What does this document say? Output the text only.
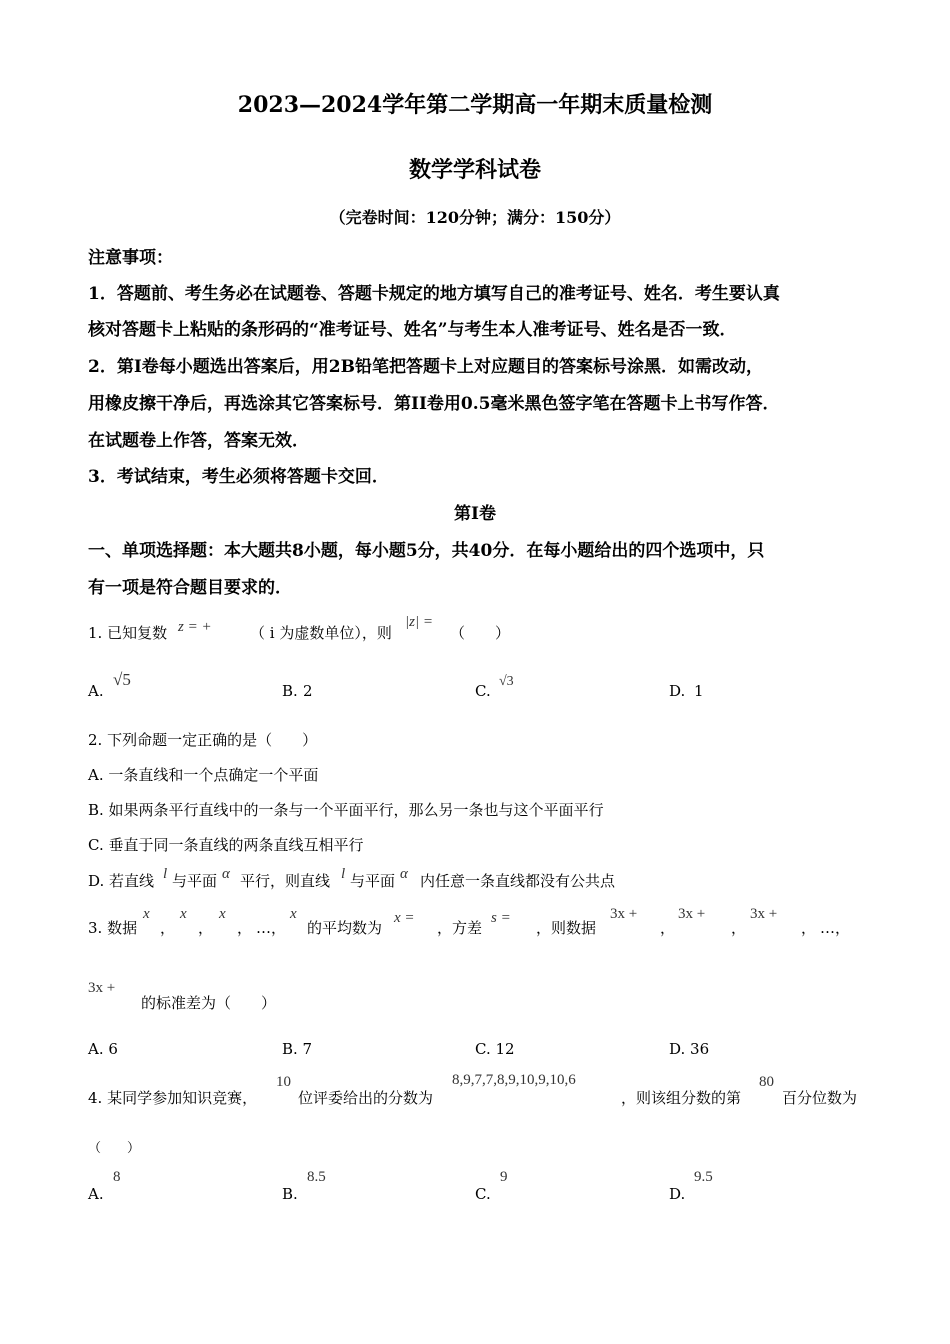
2023—2024学年第二学期高一年期末质量检测
数学学科试卷
（完卷时间：120分钟；满分：150分）
注意事项：
1．答题前、考生务必在试题卷、答题卡规定的地方填写自己的准考证号、姓名．考生要认真
核对答题卡上粘贴的条形码的“准考证号、姓名”与考生本人准考证号、姓名是否一致．
2．第I卷每小题选出答案后，用2B铅笔把答题卡上对应题目的答案标号涂黑．如需改动，
用橡皮擦干净后，再选涂其它答案标号．第II卷用0.5毫米黑色签字笔在答题卡上书写作答．
在试题卷上作答，答案无效．
3．考试结束，考生必须将答题卡交回．
第I卷
一、单项选择题：本大题共8小题，每小题5分，共40分．在每小题给出的四个选项中，只
有一项是符合题目要求的．
1. 已知复数 z = +	（ i 为虚数单位），则
|z| =
（　　）
A.
√5
B. 2	C.
√3
D. 1
2. 下列命题一定正确的是（　　）
A. 一条直线和一个点确定一个平面
B. 如果两条平行直线中的一条与一个平面平行，那么另一条也与这个平面平行
C. 垂直于同一条直线的两条直线互相平行
D. 若直线 l 与平面 α 平行，则直线 l 与平面 α 内任意一条直线都没有公共点
3. 数据
x
，
x
，
x
， …，
x
的平均数为
x =
，方差
s =
，则数据
3x +
，
3x +
，
3x +
， …，
3x +
的标准差为（　　）
A. 6	B. 7	C. 12	D. 36
4. 某同学参加知识竞赛，
10
位评委给出的分数为
8,9,7,7,8,9,10,9,10,6
，则该组分数的第
80
百分位数为
（　　）
A.
8
B.
8.5
C.
9
D.
9.5
